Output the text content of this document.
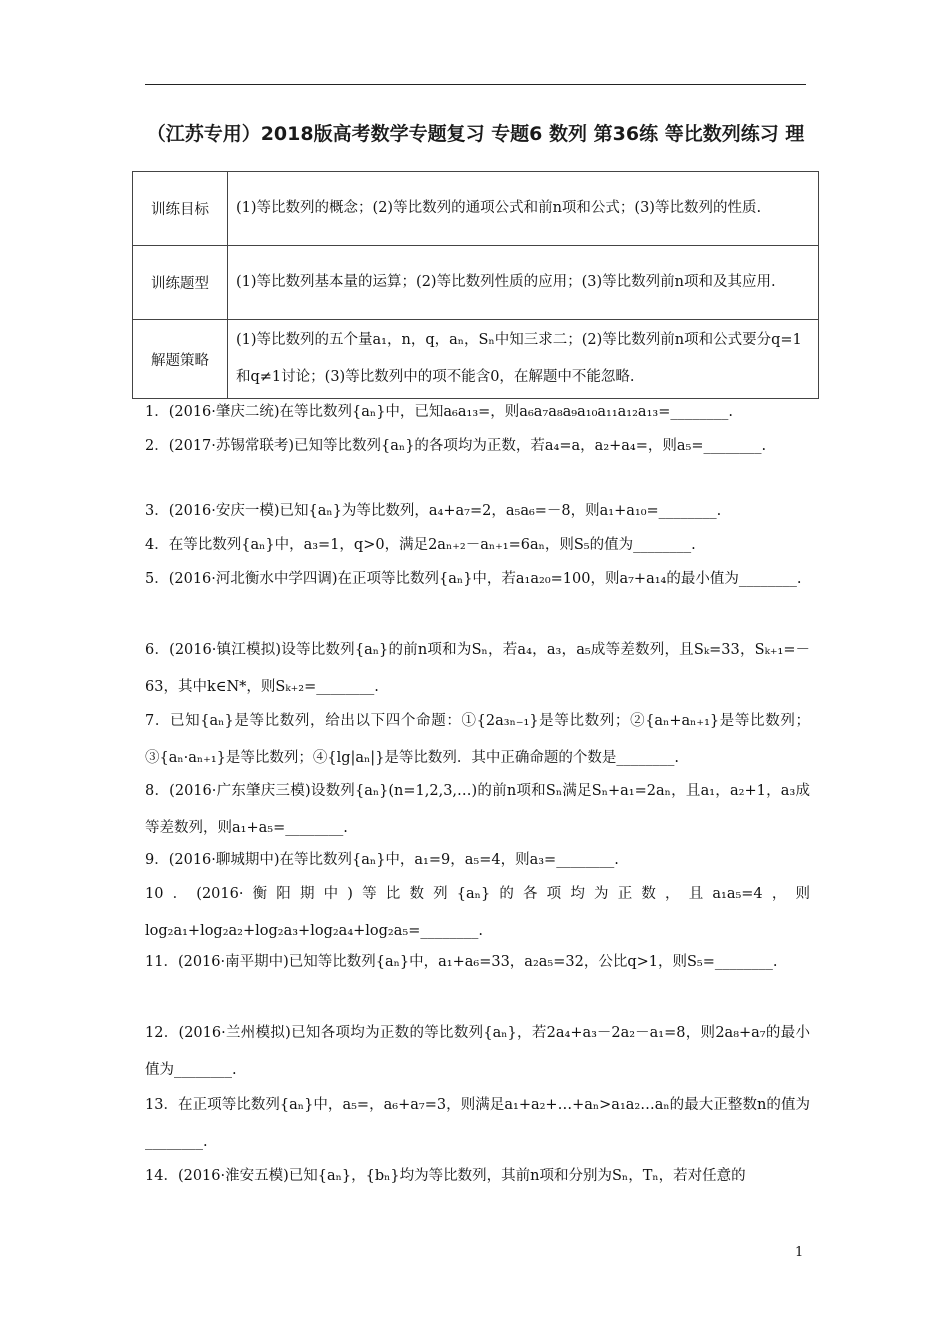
（江苏专用）2018版高考数学专题复习 专题6 数列 第36练 等比数列练习 理
训练目标	(1)等比数列的概念；(2)等比数列的通项公式和前n项和公式；(3)等比数列的性质.
训练题型	(1)等比数列基本量的运算；(2)等比数列性质的应用；(3)等比数列前n项和及其应用.
解题策略	(1)等比数列的五个量a₁，n，q，aₙ，Sₙ中知三求二；(2)等比数列前n项和公式要分q=1和q≠1讨论；(3)等比数列中的项不能含0，在解题中不能忽略.
1．(2016·肇庆二统)在等比数列{aₙ}中，已知a₆a₁₃=，则a₆a₇a₈a₉a₁₀a₁₁a₁₂a₁₃=________.
2．(2017·苏锡常联考)已知等比数列{aₙ}的各项均为正数，若a₄=a，a₂+a₄=，则a₅=________.
3．(2016·安庆一模)已知{aₙ}为等比数列，a₄+a₇=2，a₅a₆=－8，则a₁+a₁₀=________.
4．在等比数列{aₙ}中，a₃=1，q>0，满足2aₙ₊₂－aₙ₊₁=6aₙ，则S₅的值为________.
5．(2016·河北衡水中学四调)在正项等比数列{aₙ}中，若a₁a₂₀=100，则a₇+a₁₄的最小值为________.
6．(2016·镇江模拟)设等比数列{aₙ}的前n项和为Sₙ，若a₄，a₃，a₅成等差数列，且Sₖ=33，Sₖ₊₁=－63，其中k∈N*，则Sₖ₊₂=________.
7．已知{aₙ}是等比数列，给出以下四个命题：①{2a₃ₙ₋₁}是等比数列；②{aₙ+aₙ₊₁}是等比数列；③{aₙ·aₙ₊₁}是等比数列；④{lg|aₙ|}是等比数列．其中正确命题的个数是________.
8．(2016·广东肇庆三模)设数列{aₙ}(n=1,2,3,…)的前n项和Sₙ满足Sₙ+a₁=2aₙ，且a₁，a₂+1，a₃成等差数列，则a₁+a₅=________.
9．(2016·聊城期中)在等比数列{aₙ}中，a₁=9，a₅=4，则a₃=________.
10．(2016·衡阳期中)等比数列{aₙ}的各项均为正数，且a₁a₅=4，则log₂a₁+log₂a₂+log₂a₃+log₂a₄+log₂a₅=________.
11．(2016·南平期中)已知等比数列{aₙ}中，a₁+a₆=33，a₂a₅=32，公比q>1，则S₅=________.
12．(2016·兰州模拟)已知各项均为正数的等比数列{aₙ}，若2a₄+a₃－2a₂－a₁=8，则2a₈+a₇的最小值为________.
13．在正项等比数列{aₙ}中，a₅=，a₆+a₇=3，则满足a₁+a₂+…+aₙ>a₁a₂…aₙ的最大正整数n的值为________.
14．(2016·淮安五模)已知{aₙ}，{bₙ}均为等比数列，其前n项和分别为Sₙ，Tₙ，若对任意的
1
